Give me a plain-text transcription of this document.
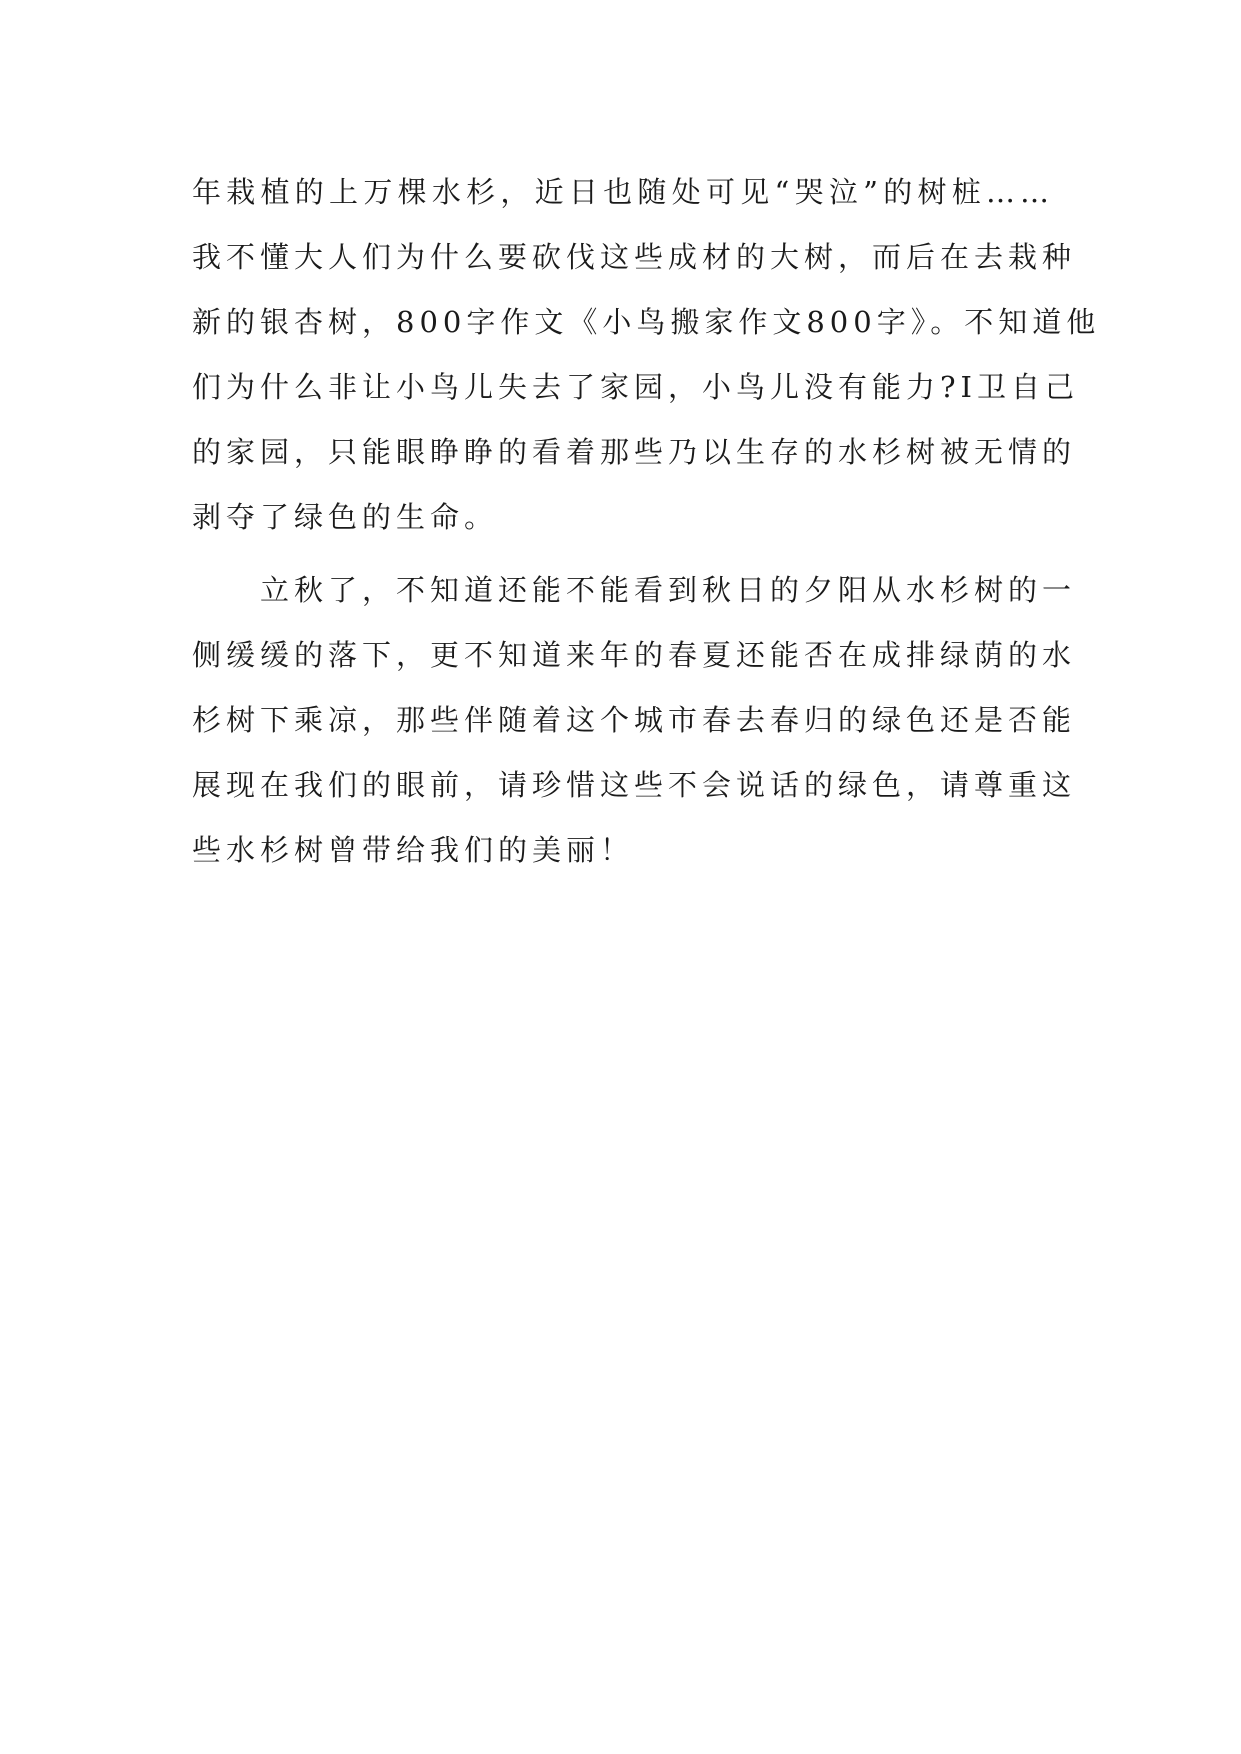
年栽植的上万棵水杉，近日也随处可见“哭泣”的树桩……
我不懂大人们为什么要砍伐这些成材的大树，而后在去栽种
新的银杏树，800字作文《小鸟搬家作文800字》。不知道他
们为什么非让小鸟儿失去了家园，小鸟儿没有能力?I卫自己
的家园，只能眼睁睁的看着那些乃以生存的水杉树被无情的
剥夺了绿色的生命。
　　立秋了，不知道还能不能看到秋日的夕阳从水杉树的一
侧缓缓的落下，更不知道来年的春夏还能否在成排绿荫的水
杉树下乘凉，那些伴随着这个城市春去春归的绿色还是否能
展现在我们的眼前，请珍惜这些不会说话的绿色，请尊重这
些水杉树曾带给我们的美丽！
